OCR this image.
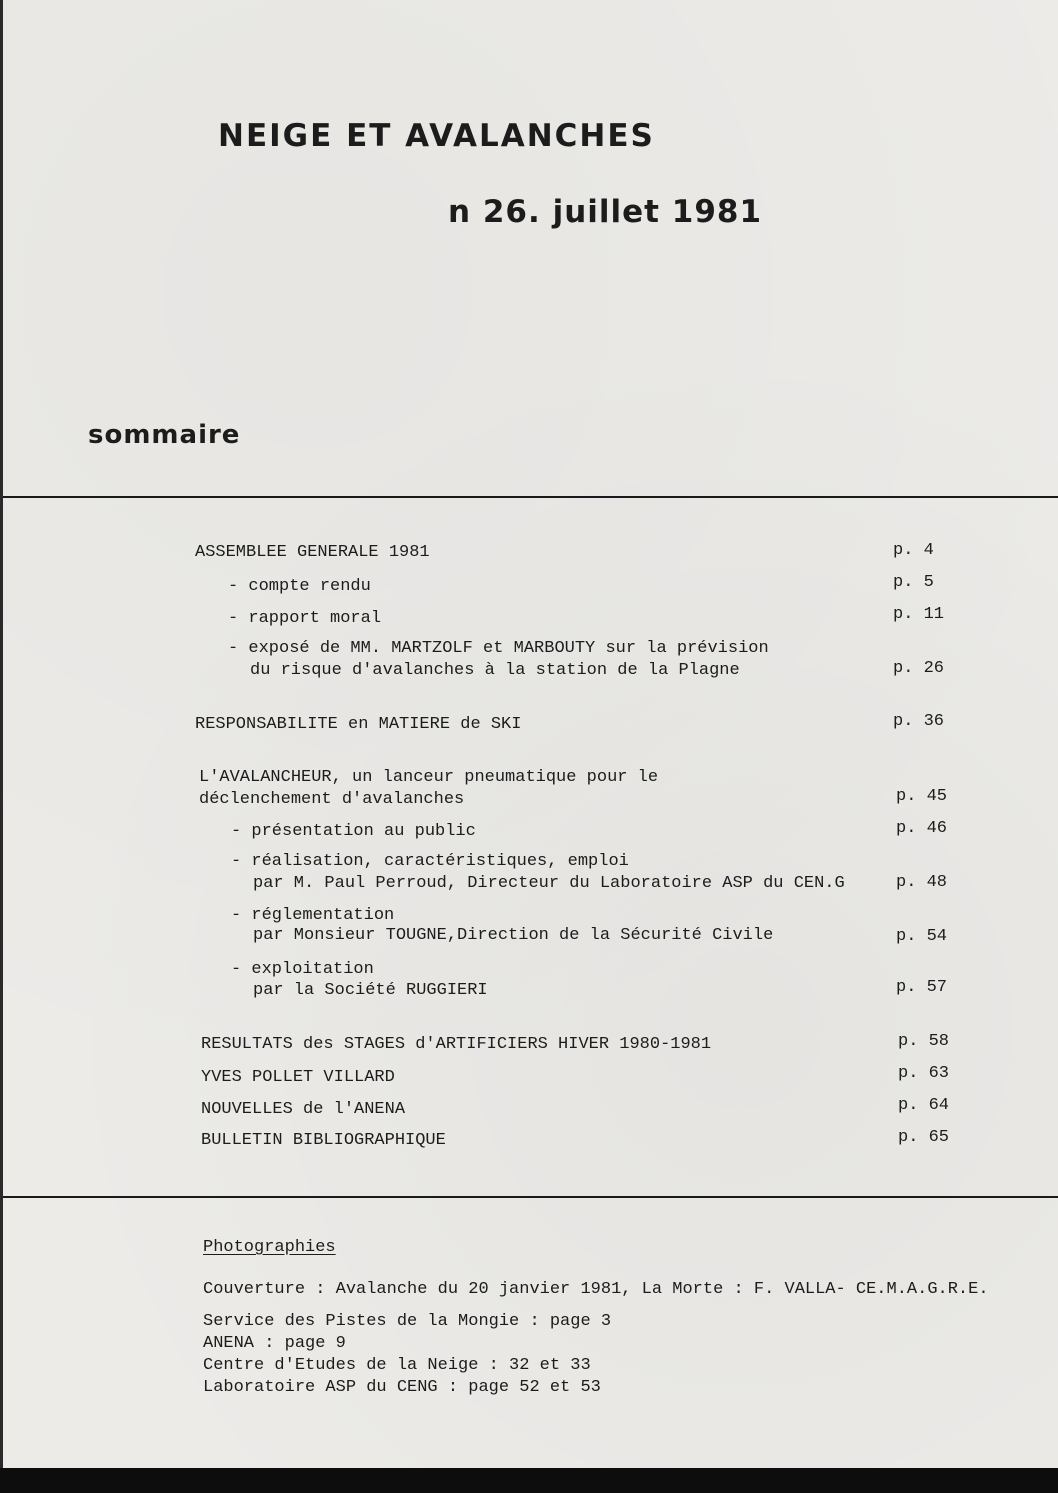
NEIGE ET AVALANCHES
n 26. juillet 1981
sommaire
ASSEMBLEE GENERALE 1981	p. 4
- compte rendu	p. 5
- rapport moral	p. 11
- exposé de MM. MARTZOLF et MARBOUTY sur la prévision
du risque d'avalanches à la station de la Plagne	p. 26
RESPONSABILITE en MATIERE de SKI	p. 36
L'AVALANCHEUR, un lanceur pneumatique pour le
déclenchement d'avalanches	p. 45
- présentation au public	p. 46
- réalisation, caractéristiques, emploi
par M. Paul Perroud, Directeur du Laboratoire ASP du CEN.G	p. 48
- réglementation
par Monsieur TOUGNE,Direction de la Sécurité Civile	p. 54
- exploitation
par la Société RUGGIERI	p. 57
RESULTATS des STAGES d'ARTIFICIERS HIVER 1980-1981	p. 58
YVES POLLET VILLARD	p. 63
NOUVELLES de l'ANENA	p. 64
BULLETIN BIBLIOGRAPHIQUE	p. 65
Photographies
Couverture : Avalanche du 20 janvier 1981, La Morte : F. VALLA- CE.M.A.G.R.E.
Service des Pistes de la Mongie : page 3
ANENA : page 9
Centre d'Etudes de la Neige : 32 et 33
Laboratoire ASP du CENG : page 52 et 53
